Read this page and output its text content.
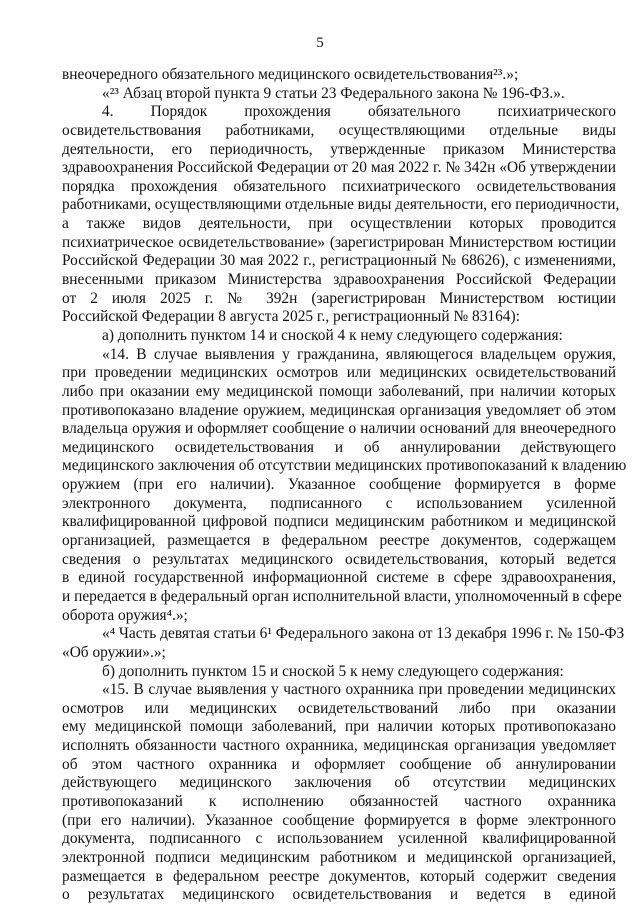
5
внеочередного обязательного медицинского освидетельствования²³.»;
«²³ Абзац второй пункта 9 статьи 23 Федерального закона № 196-ФЗ.».
4. Порядок прохождения обязательного психиатрического
освидетельствования работниками, осуществляющими отдельные виды
деятельности, его периодичность, утвержденные приказом Министерства
здравоохранения Российской Федерации от 20 мая 2022 г. № 342н «Об утверждении
порядка прохождения обязательного психиатрического освидетельствования
работниками, осуществляющими отдельные виды деятельности, его периодичности,
а также видов деятельности, при осуществлении которых проводится
психиатрическое освидетельствование» (зарегистрирован Министерством юстиции
Российской Федерации 30 мая 2022 г., регистрационный № 68626), с изменениями,
внесенными приказом Министерства здравоохранения Российской Федерации
от 2 июля 2025 г. № 392н (зарегистрирован Министерством юстиции
Российской Федерации 8 августа 2025 г., регистрационный № 83164):
а) дополнить пунктом 14 и сноской 4 к нему следующего содержания:
«14. В случае выявления у гражданина, являющегося владельцем оружия,
при проведении медицинских осмотров или медицинских освидетельствований
либо при оказании ему медицинской помощи заболеваний, при наличии которых
противопоказано владение оружием, медицинская организация уведомляет об этом
владельца оружия и оформляет сообщение о наличии оснований для внеочередного
медицинского освидетельствования и об аннулировании действующего
медицинского заключения об отсутствии медицинских противопоказаний к владению
оружием (при его наличии). Указанное сообщение формируется в форме
электронного документа, подписанного с использованием усиленной
квалифицированной цифровой подписи медицинским работником и медицинской
организацией, размещается в федеральном реестре документов, содержащем
сведения о результатах медицинского освидетельствования, который ведется
в единой государственной информационной системе в сфере здравоохранения,
и передается в федеральный орган исполнительной власти, уполномоченный в сфере
оборота оружия⁴.»;
«⁴ Часть девятая статьи 6¹ Федерального закона от 13 декабря 1996 г. № 150-ФЗ
«Об оружии».»;
б) дополнить пунктом 15 и сноской 5 к нему следующего содержания:
«15. В случае выявления у частного охранника при проведении медицинских
осмотров или медицинских освидетельствований либо при оказании
ему медицинской помощи заболеваний, при наличии которых противопоказано
исполнять обязанности частного охранника, медицинская организация уведомляет
об этом частного охранника и оформляет сообщение об аннулировании
действующего медицинского заключения об отсутствии медицинских
противопоказаний к исполнению обязанностей частного охранника
(при его наличии). Указанное сообщение формируется в форме электронного
документа, подписанного с использованием усиленной квалифицированной
электронной подписи медицинским работником и медицинской организацией,
размещается в федеральном реестре документов, который содержит сведения
о результатах медицинского освидетельствования и ведется в единой
